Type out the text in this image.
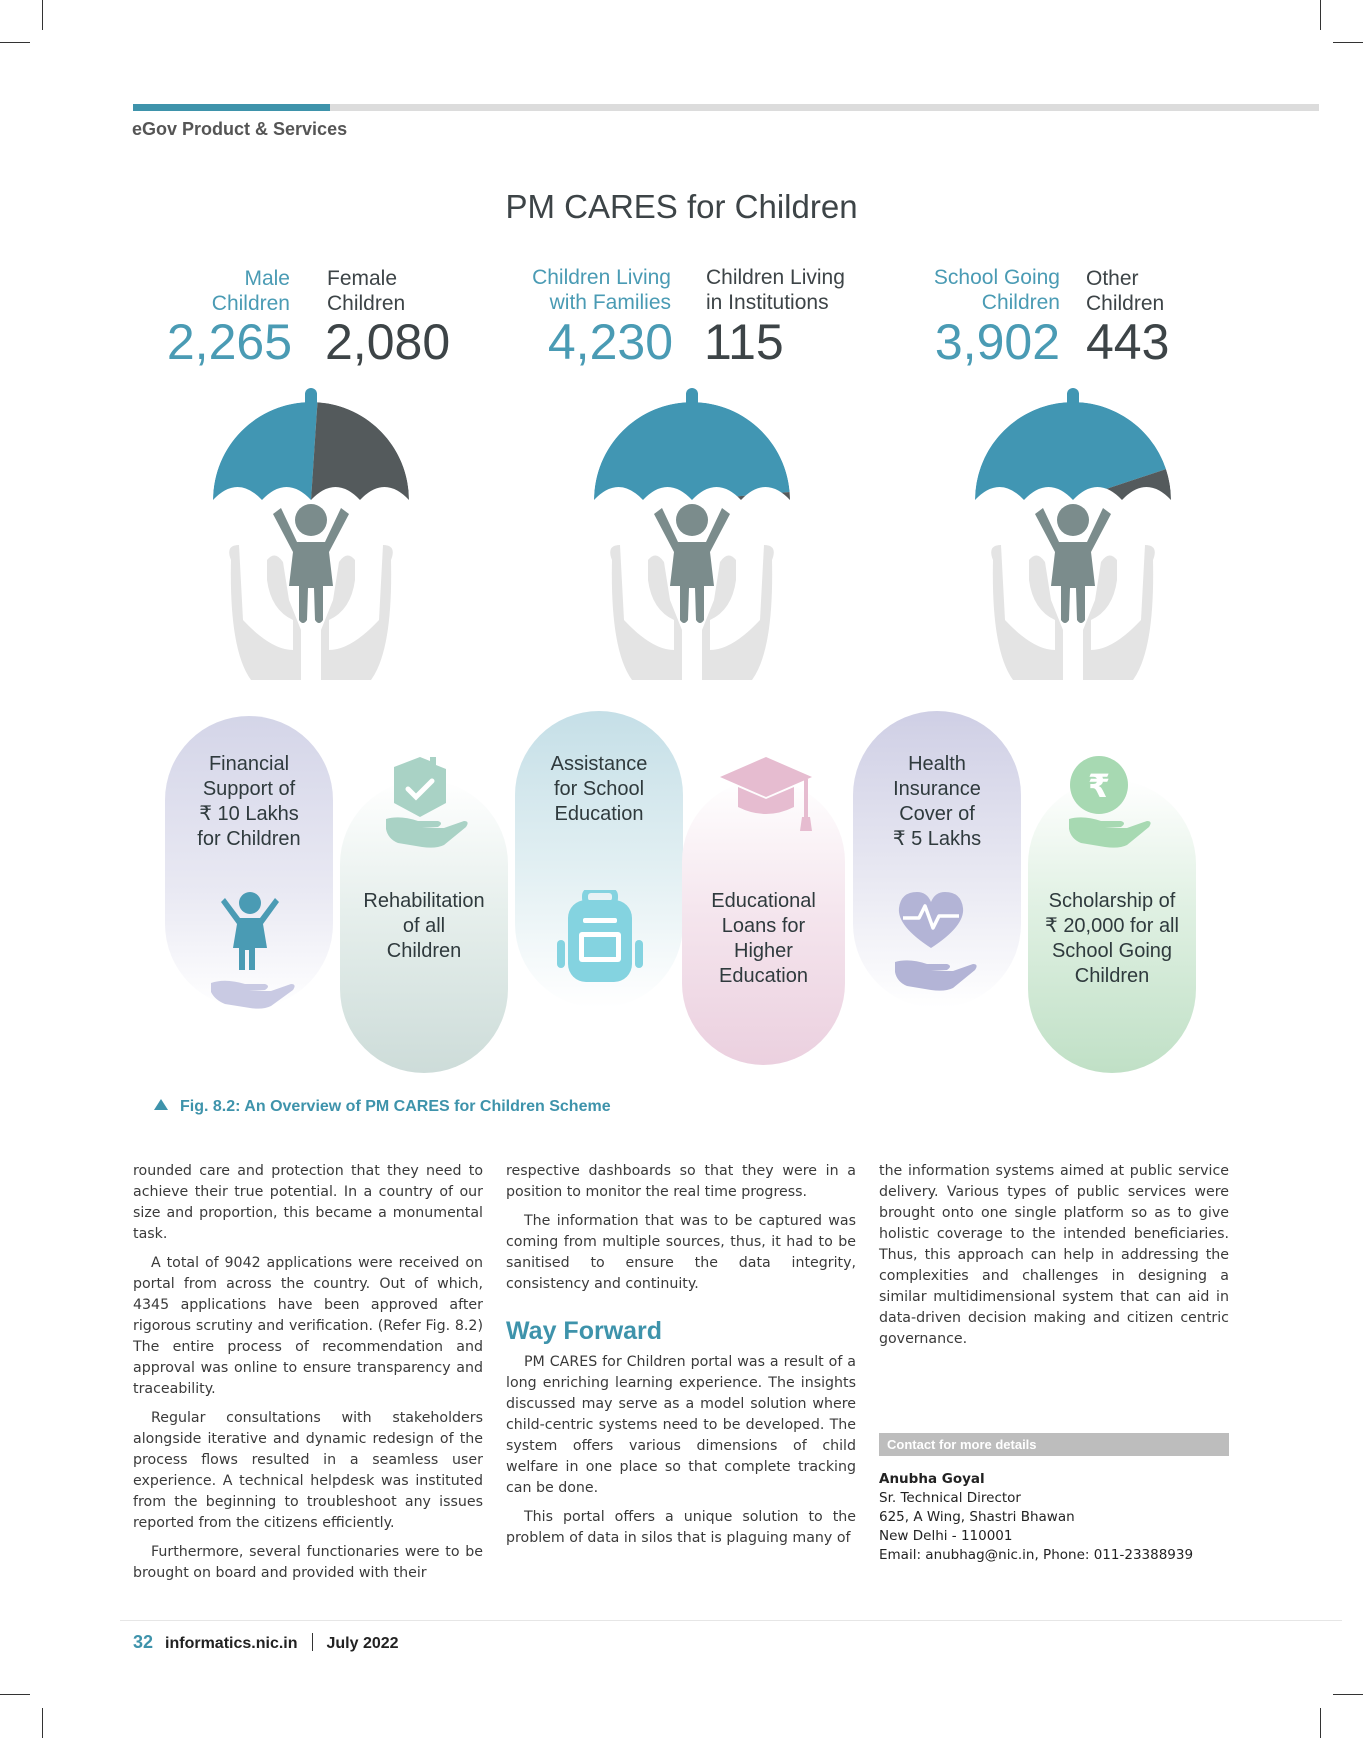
eGov Product & Services
PM CARES for Children
Male
Children
2,265
Female
Children
2,080
Children Living
with Families
4,230
Children Living
in Institutions
115
School Going
Children
3,902
Other
Children
443
Financial
Support of
₹ 10 Lakhs
for Children
Rehabilitation
of all
Children
Assistance
for School
Education
Educational
Loans for
Higher
Education
Health
Insurance
Cover of
₹ 5 Lakhs
Scholarship of
₹ 20,000 for all
School Going
Children
₹
Fig. 8.2: An Overview of PM CARES for Children Scheme

rounded care and protection that they need to achieve their true potential. In a country of our size and proportion, this became a monumental task.

A total of 9042 applications were received on portal from across the country. Out of which, 4345 applications have been approved after rigorous scrutiny and verification. (Refer Fig. 8.2) The entire process of recommendation and approval was online to ensure transparency and traceability.

Regular consultations with stakeholders alongside iterative and dynamic redesign of the process flows resulted in a seamless user experience. A technical helpdesk was instituted from the beginning to troubleshoot any issues reported from the citizens efficiently.

Furthermore, several functionaries were to be brought on board and provided with their

respective dashboards so that they were in a position to monitor the real time progress.

The information that was to be captured was coming from multiple sources, thus, it had to be sanitised to ensure the data integrity, consistency and continuity.

Way Forward

PM CARES for Children portal was a result of a long enriching learning experience. The insights discussed may serve as a model solution where child-centric systems need to be developed. The system offers various dimensions of child welfare in one place so that complete tracking can be done.

This portal offers a unique solution to the problem of data in silos that is plaguing many of

the information systems aimed at public service delivery. Various types of public services were brought onto one single platform so as to give holistic coverage to the intended beneficiaries. Thus, this approach can help in addressing the complexities and challenges in designing a similar multidimensional system that can aid in data-driven decision making and citizen centric governance.

Contact for more details
Anubha Goyal
Sr. Technical Director
625, A Wing, Shastri Bhawan
New Delhi - 110001
Email: anubhag@nic.in, Phone: 011-23388939
32 informatics.nic.in July 2022
